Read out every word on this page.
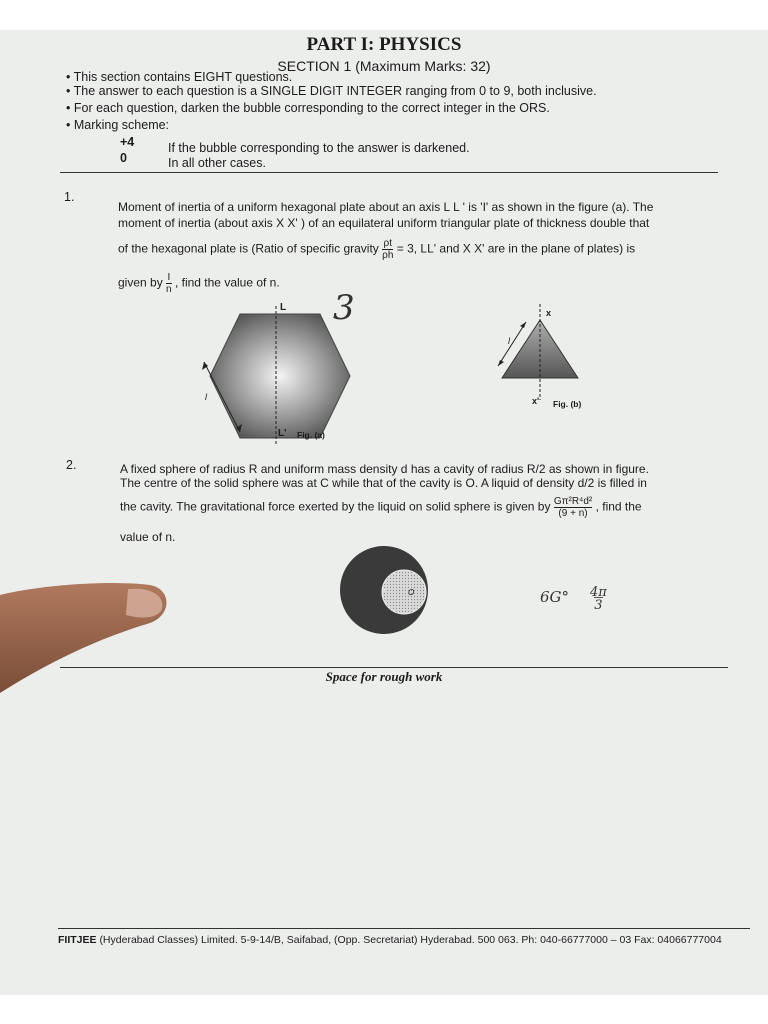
PART I: PHYSICS
SECTION 1 (Maximum Marks: 32)
• This section contains EIGHT questions.
• The answer to each question is a SINGLE DIGIT INTEGER ranging from 0 to 9, both inclusive.
• For each question, darken the bubble corresponding to the correct integer in the ORS.
• Marking scheme:
+4	If the bubble corresponding to the answer is darkened.
0	In all other cases.
1.
Moment of inertia of a uniform hexagonal plate about an axis L L ' is 'I' as shown in the figure (a). The
moment of inertia (about axis X X' ) of an equilateral uniform triangular plate of thickness double that
of the hexagonal plate is (Ratio of specific gravity $\frac{\rho t}{\rho h} = 3$, LL' and X X' are in the plane of plates) is
given by $\frac{I}{n}$ , find the value of n.
3
L
L'
l
Fig. (a)
x
x'
l
Fig. (b)
2.	A fixed sphere of radius R and uniform mass density d has a cavity of radius R/2 as shown in figure.
The centre of the solid sphere was at C while that of the cavity is O. A liquid of density d/2 is filled in
the cavity. The gravitational force exerted by the liquid on solid sphere is given by $\frac{\text{Gπ²R⁴d²}}{(9 + n)}$ , find the
value of n.
O	6G° 4π
3
Space for rough work
FIITJEE (Hyderabad Classes) Limited. 5-9-14/B, Saifabad, (Opp. Secretariat) Hyderabad. 500 063. Ph: 040-66777000 – 03 Fax: 04066777004
